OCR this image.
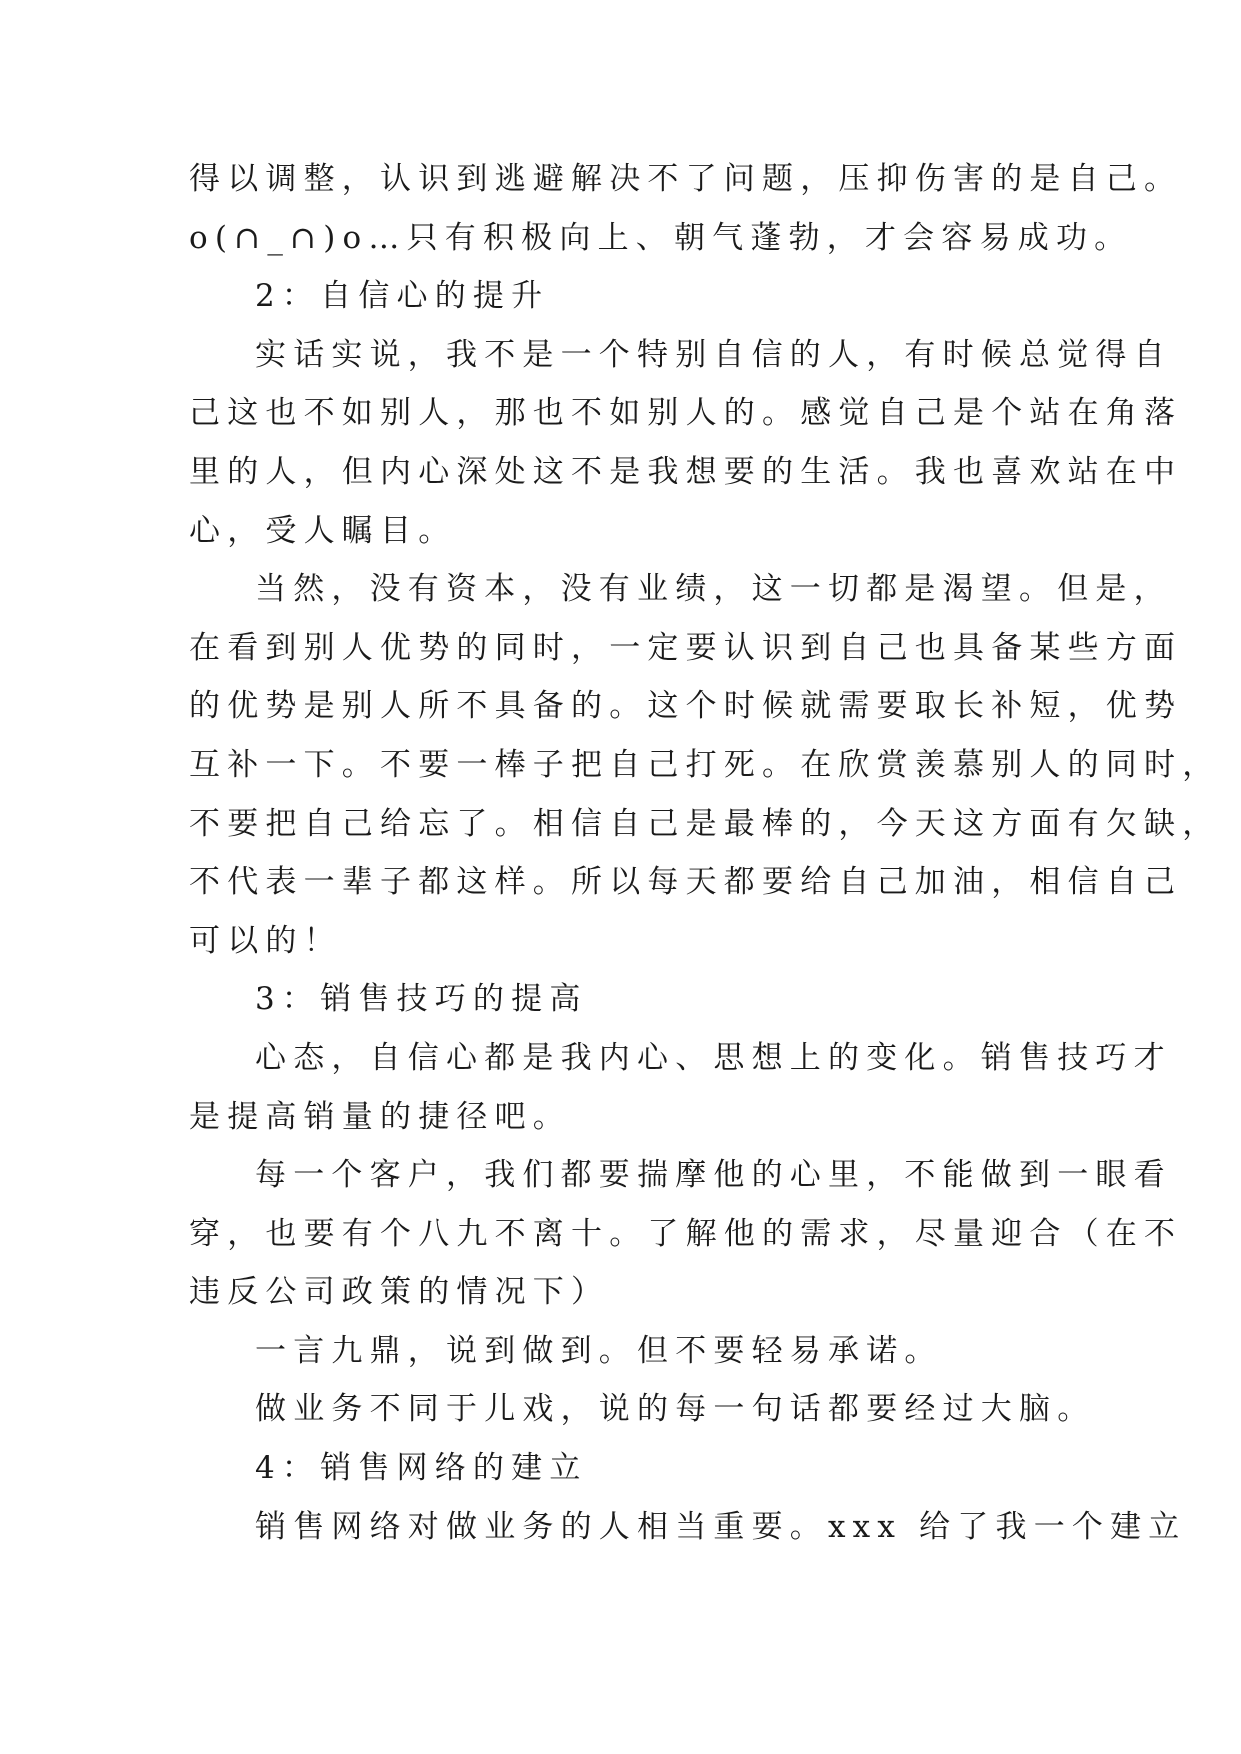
得以调整，认识到逃避解决不了问题，压抑伤害的是自己。
o(∩_∩)o…只有积极向上、朝气蓬勃，才会容易成功。
2：自信心的提升
实话实说，我不是一个特别自信的人，有时候总觉得自
己这也不如别人，那也不如别人的。感觉自己是个站在角落
里的人，但内心深处这不是我想要的生活。我也喜欢站在中
心，受人瞩目。
当然，没有资本，没有业绩，这一切都是渴望。但是，
在看到别人优势的同时，一定要认识到自己也具备某些方面
的优势是别人所不具备的。这个时候就需要取长补短，优势
互补一下。不要一棒子把自己打死。在欣赏羡慕别人的同时，
不要把自己给忘了。相信自己是最棒的，今天这方面有欠缺，
不代表一辈子都这样。所以每天都要给自己加油，相信自己
可以的！
3：销售技巧的提高
心态，自信心都是我内心、思想上的变化。销售技巧才
是提高销量的捷径吧。
每一个客户，我们都要揣摩他的心里，不能做到一眼看
穿，也要有个八九不离十。了解他的需求，尽量迎合（在不
违反公司政策的情况下）
一言九鼎，说到做到。但不要轻易承诺。
做业务不同于儿戏，说的每一句话都要经过大脑。
4：销售网络的建立
销售网络对做业务的人相当重要。xxx 给了我一个建立
